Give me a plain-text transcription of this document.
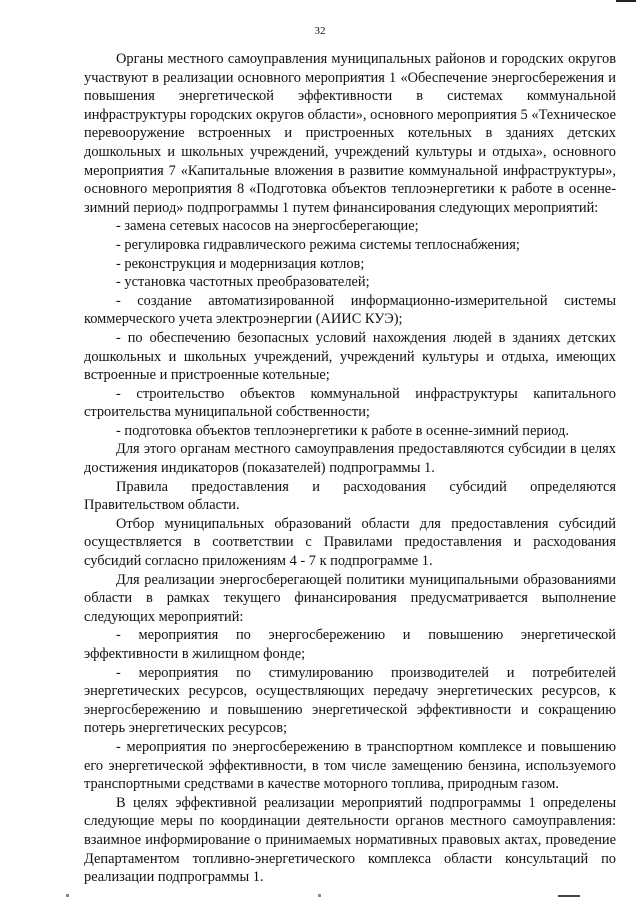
32

Органы местного самоуправления муниципальных районов и городских округов участвуют в реализации основного мероприятия 1 «Обеспечение энергосбережения и повышения энергетической эффективности в системах коммунальной инфраструктуры городских округов области», основного мероприятия 5 «Техническое перевооружение встроенных и пристроенных котельных в зданиях детских дошкольных и школьных учреждений, учреждений культуры и отдыха», основного мероприятия 7 «Капитальные вложения в развитие коммунальной инфраструктуры», основного мероприятия 8 «Подготовка объектов теплоэнергетики к работе в осенне-зимний период» подпрограммы 1 путем финансирования следующих мероприятий:

- замена сетевых насосов на энергосберегающие;

- регулировка гидравлического режима системы теплоснабжения;

- реконструкция и модернизация котлов;

- установка частотных преобразователей;

- создание автоматизированной информационно-измерительной системы коммерческого учета электроэнергии (АИИС КУЭ);

- по обеспечению безопасных условий нахождения людей в зданиях детских дошкольных и школьных учреждений, учреждений культуры и отдыха, имеющих встроенные и пристроенные котельные;

- строительство объектов коммунальной инфраструктуры капитального строительства муниципальной собственности;

- подготовка объектов теплоэнергетики к работе в осенне-зимний период.

Для этого органам местного самоуправления предоставляются субсидии в целях достижения индикаторов (показателей) подпрограммы 1.

Правила предоставления и расходования субсидий определяются Правительством области.

Отбор муниципальных образований области для предоставления субсидий осуществляется в соответствии с Правилами предоставления и расходования субсидий согласно приложениям 4 - 7 к подпрограмме 1.

Для реализации энергосберегающей политики муниципальными образованиями области в рамках текущего финансирования предусматривается выполнение следующих мероприятий:

- мероприятия по энергосбережению и повышению энергетической эффективности в жилищном фонде;

- мероприятия по стимулированию производителей и потребителей энергетических ресурсов, осуществляющих передачу энергетических ресурсов, к энергосбережению и повышению энергетической эффективности и сокращению потерь энергетических ресурсов;

- мероприятия по энергосбережению в транспортном комплексе и повышению его энергетической эффективности, в том числе замещению бензина, используемого транспортными средствами в качестве моторного топлива, природным газом.

В целях эффективной реализации мероприятий подпрограммы 1 определены следующие меры по координации деятельности органов местного самоуправления: взаимное информирование о принимаемых нормативных правовых актах, проведение Департаментом топливно-энергетического комплекса области консультаций по реализации подпрограммы 1.
